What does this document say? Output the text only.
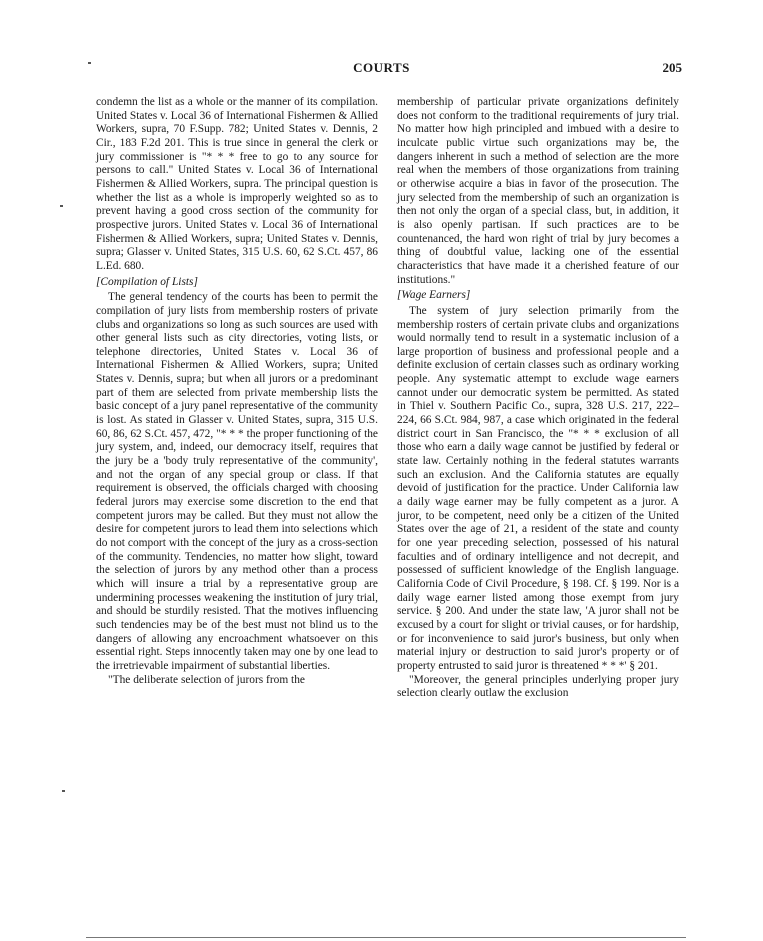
COURTS	205

condemn the list as a whole or the manner of its compilation. United States v. Local 36 of International Fishermen & Allied Workers, supra, 70 F.Supp. 782; United States v. Dennis, 2 Cir., 183 F.2d 201. This is true since in general the clerk or jury commissioner is "* * * free to go to any source for persons to call." United States v. Local 36 of International Fishermen & Allied Workers, supra. The principal question is whether the list as a whole is improperly weighted so as to prevent having a good cross section of the community for prospective jurors. United States v. Local 36 of International Fishermen & Allied Workers, supra; United States v. Dennis, supra; Glasser v. United States, 315 U.S. 60, 62 S.Ct. 457, 86 L.Ed. 680.

[Compilation of Lists]

The general tendency of the courts has been to permit the compilation of jury lists from membership rosters of private clubs and organizations so long as such sources are used with other general lists such as city directories, voting lists, or telephone directories, United States v. Local 36 of International Fishermen & Allied Workers, supra; United States v. Dennis, supra; but when all jurors or a predominant part of them are selected from private membership lists the basic concept of a jury panel representative of the community is lost. As stated in Glasser v. United States, supra, 315 U.S. 60, 86, 62 S.Ct. 457, 472, "* * * the proper functioning of the jury system, and, indeed, our democracy itself, requires that the jury be a 'body truly representative of the community', and not the organ of any special group or class. If that requirement is observed, the officials charged with choosing federal jurors may exercise some discretion to the end that competent jurors may be called. But they must not allow the desire for competent jurors to lead them into selections which do not comport with the concept of the jury as a cross-section of the community. Tendencies, no matter how slight, toward the selection of jurors by any method other than a process which will insure a trial by a representative group are undermining processes weakening the institution of jury trial, and should be sturdily resisted. That the motives influencing such tendencies may be of the best must not blind us to the dangers of allowing any encroachment whatsoever on this essential right. Steps innocently taken may one by one lead to the irretrievable impairment of substantial liberties.

"The deliberate selection of jurors from the

membership of particular private organizations definitely does not conform to the traditional requirements of jury trial. No matter how high principled and imbued with a desire to inculcate public virtue such organizations may be, the dangers inherent in such a method of selection are the more real when the members of those organizations from training or otherwise acquire a bias in favor of the prosecution. The jury selected from the membership of such an organization is then not only the organ of a special class, but, in addition, it is also openly partisan. If such practices are to be countenanced, the hard won right of trial by jury becomes a thing of doubtful value, lacking one of the essential characteristics that have made it a cherished feature of our institutions."

[Wage Earners]

The system of jury selection primarily from the membership rosters of certain private clubs and organizations would normally tend to result in a systematic inclusion of a large proportion of business and professional people and a definite exclusion of certain classes such as ordinary working people. Any systematic attempt to exclude wage earners cannot under our democratic system be permitted. As stated in Thiel v. Southern Pacific Co., supra, 328 U.S. 217, 222–224, 66 S.Ct. 984, 987, a case which originated in the federal district court in San Francisco, the "* * * exclusion of all those who earn a daily wage cannot be justified by federal or state law. Certainly nothing in the federal statutes warrants such an exclusion. And the California statutes are equally devoid of justification for the practice. Under California law a daily wage earner may be fully competent as a juror. A juror, to be competent, need only be a citizen of the United States over the age of 21, a resident of the state and county for one year preceding selection, possessed of his natural faculties and of ordinary intelligence and not decrepit, and possessed of sufficient knowledge of the English language. California Code of Civil Procedure, § 198. Cf. § 199. Nor is a daily wage earner listed among those exempt from jury service. § 200. And under the state law, 'A juror shall not be excused by a court for slight or trivial causes, or for hardship, or for inconvenience to said juror's business, but only when material injury or destruction to said juror's property or of property entrusted to said juror is threatened * * *' § 201.

"Moreover, the general principles underlying proper jury selection clearly outlaw the exclusion
